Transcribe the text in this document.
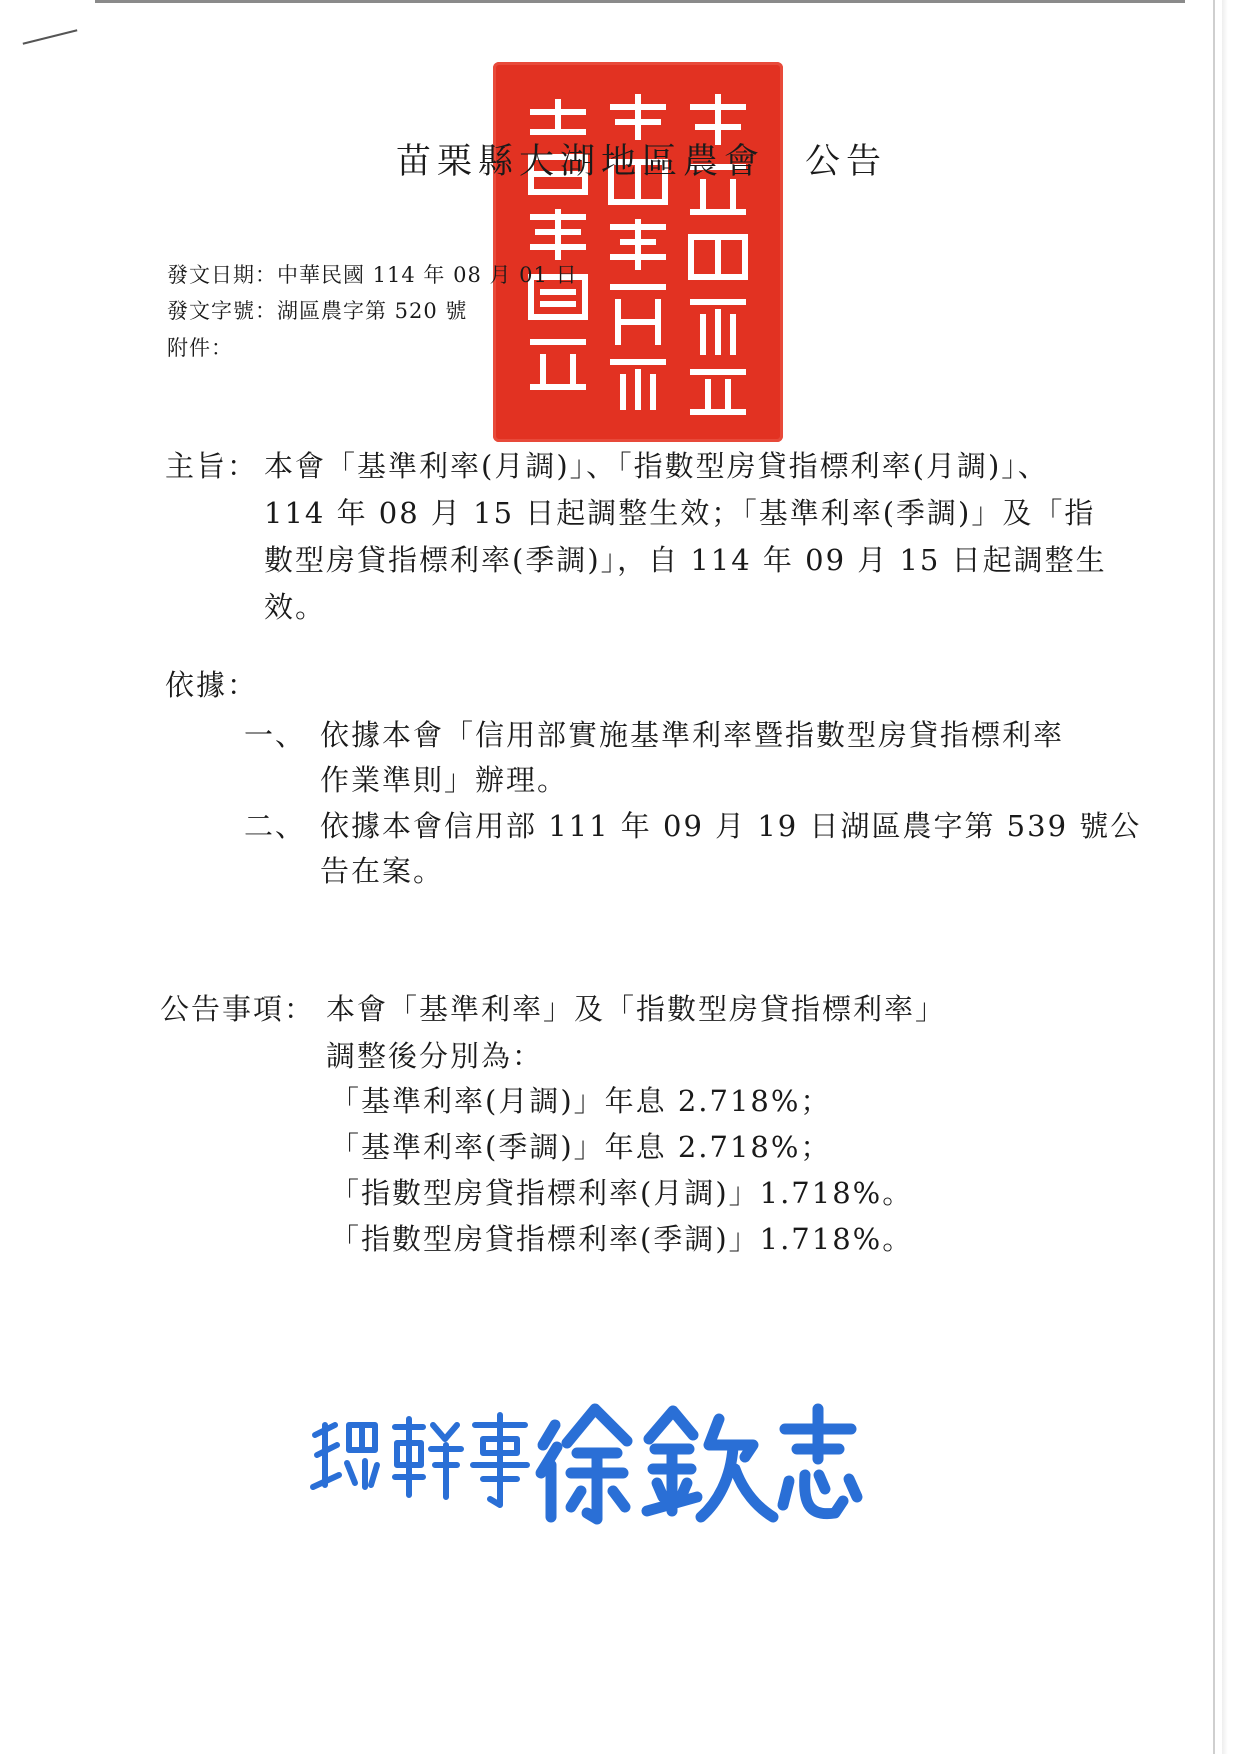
苗栗縣大湖地區農會 公告
發文日期：中華民國 114 年 08 月 01 日
發文字號：湖區農字第 520 號
附件：
主旨： 本會「基準利率(月調)」、「指數型房貸指標利率(月調)」、
114 年 08 月 15 日起調整生效；「基準利率(季調)」及「指
數型房貸指標利率(季調)」，自 114 年 09 月 15 日起調整生
效。
依據：
一、 依據本會「信用部實施基準利率暨指數型房貸指標利率
作業準則」辦理。
二、 依據本會信用部 111 年 09 月 19 日湖區農字第 539 號公
告在案。
公告事項： 本會「基準利率」及「指數型房貸指標利率」
調整後分別為：
「基準利率(月調)」年息 2.718%；
「基準利率(季調)」年息 2.718%；
「指數型房貸指標利率(月調)」1.718%。
「指數型房貸指標利率(季調)」1.718%。
